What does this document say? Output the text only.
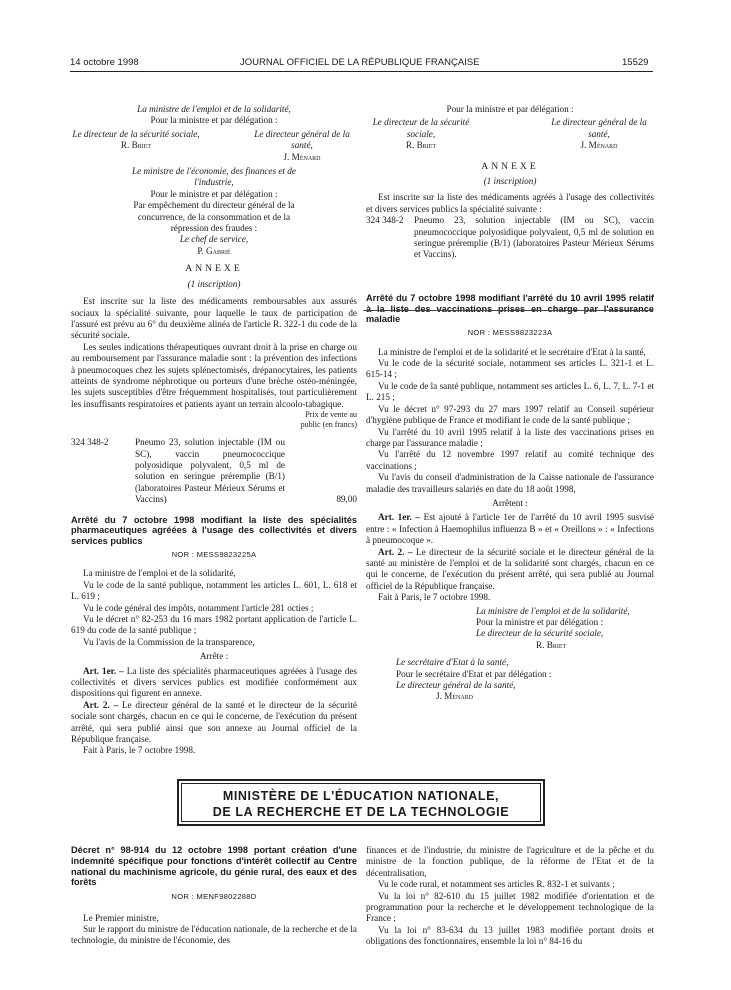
14 octobre 1998	JOURNAL OFFICIEL DE LA RÉPUBLIQUE FRANÇAISE	15529

La ministre de l'emploi et de la solidarité,

Pour la ministre et par délégation :

Le directeur de la sécurité sociale,

R. Briet

Le directeur général de la santé,

J. Ménard

Le ministre de l'économie, des finances et de l'industrie,

Pour le ministre et par délégation :

Par empêchement du directeur général de la concurrence, de la consommation et de la répression des fraudes :

Le chef de service,

P. Gabrié

ANNEXE

(1 inscription)

Est inscrite sur la liste des médicaments remboursables aux assurés sociaux la spécialité suivante, pour laquelle le taux de participation de l'assuré est prévu au 6° du deuxième alinéa de l'article R. 322-1 du code de la sécurité sociale.

Les seules indications thérapeutiques ouvrant droit à la prise en charge ou au remboursement par l'assurance maladie sont : la prévention des infections à pneumocoques chez les sujets splénectomisés, drépanocytaires, les patients atteints de syndrome néphrotique ou porteurs d'une brèche ostéo-méningée, les sujets susceptibles d'être fréquemment hospitalisés, tout particulièrement les insuffisants respiratoires et patients ayant un terrain alcoolo-tabagique.

Prix de vente au public (en francs)

324 348-2	Pneumo 23, solution injectable (IM ou SC), vaccin pneumococcique polyosidique polyvalent, 0,5 ml de solution en seringue préremplie (B/1) (laboratoires Pasteur Mérieux Sérums et Vaccins)	89,00

Arrêté du 7 octobre 1998 modifiant la liste des spécialités pharmaceutiques agréées à l'usage des collectivités et divers services publics

NOR : MESS9823225A

La ministre de l'emploi et de la solidarité,

Vu le code de la santé publique, notamment les articles L. 601, L. 618 et L. 619 ;

Vu le code général des impôts, notamment l'article 281 octies ;

Vu le décret n° 82-253 du 16 mars 1982 portant application de l'article L. 619 du code de la santé publique ;

Vu l'avis de la Commission de la transparence,

Arrête :

Art. 1er. – La liste des spécialités pharmaceutiques agréées à l'usage des collectivités et divers services publics est modifiée conformément aux dispositions qui figurent en annexe.

Art. 2. – Le directeur général de la santé et le directeur de la sécurité sociale sont chargés, chacun en ce qui le concerne, de l'exécution du présent arrêté, qui sera publié ainsi que son annexe au Journal officiel de la République française.

Fait à Paris, le 7 octobre 1998.

Pour la ministre et par délégation :

Le directeur de la sécurité sociale,

R. Briet

Le directeur général de la santé,

J. Ménard

ANNEXE

(1 inscription)

Est inscrite sur la liste des médicaments agréés à l'usage des collectivités et divers services publics la spécialité suivante :

324 348-2	Pneumo 23, solution injectable (IM ou SC), vaccin pneumococcique polyosidique polyvalent, 0,5 ml de solution en seringue préremplie (B/1) (laboratoires Pasteur Mérieux Sérums et Vaccins).

Arrêté du 7 octobre 1998 modifiant l'arrêté du 10 avril 1995 relatif à la liste des vaccinations prises en charge par l'assurance maladie

NOR : MESS9823223A

La ministre de l'emploi et de la solidarité et le secrétaire d'Etat à la santé,

Vu le code de la sécurité sociale, notamment ses articles L. 321-1 et L. 615-14 ;

Vu le code de la santé publique, notamment ses articles L. 6, L. 7, L. 7-1 et L. 215 ;

Vu le décret n° 97-293 du 27 mars 1997 relatif au Conseil supérieur d'hygiène publique de France et modifiant le code de la santé publique ;

Vu l'arrêté du 10 avril 1995 relatif à la liste des vaccinations prises en charge par l'assurance maladie ;

Vu l'arrêté du 12 novembre 1997 relatif au comité technique des vaccinations ;

Vu l'avis du conseil d'administration de la Caisse nationale de l'assurance maladie des travailleurs salariés en date du 18 août 1998,

Arrêtent :

Art. 1er. – Est ajouté à l'article 1er de l'arrêté du 10 avril 1995 susvisé entre : « Infection à Haemophilus influenza B » et « Oreillons » : « Infections à pneumocoque ».

Art. 2. – Le directeur de la sécurité sociale et le directeur général de la santé au ministère de l'emploi et de la solidarité sont chargés, chacun en ce qui le concerne, de l'exécution du présent arrêté, qui sera publié au Journal officiel de la République française.

Fait à Paris, le 7 octobre 1998.

La ministre de l'emploi et de la solidarité,

Pour la ministre et par délégation :

Le directeur de la sécurité sociale,

R. Briet

Le secrétaire d'Etat à la santé,

Pour le secrétaire d'Etat et par délégation :

Le directeur général de la santé,

J. Ménard

MINISTÈRE DE L'ÉDUCATION NATIONALE,
DE LA RECHERCHE ET DE LA TECHNOLOGIE

Décret n° 98-914 du 12 octobre 1998 portant création d'une indemnité spécifique pour fonctions d'intérêt collectif au Centre national du machinisme agricole, du génie rural, des eaux et des forêts

NOR : MENF9802288D

Le Premier ministre,

Sur le rapport du ministre de l'éducation nationale, de la recherche et de la technologie, du ministre de l'économie, des

finances et de l'industrie, du ministre de l'agriculture et de la pêche et du ministre de la fonction publique, de la réforme de l'Etat et de la décentralisation,

Vu le code rural, et notamment ses articles R. 832-1 et suivants ;

Vu la loi n° 82-610 du 15 juillet 1982 modifiée d'orientation et de programmation pour la recherche et le développement technologique de la France ;

Vu la loi n° 83-634 du 13 juillet 1983 modifiée portant droits et obligations des fonctionnaires, ensemble la loi n° 84-16 du
